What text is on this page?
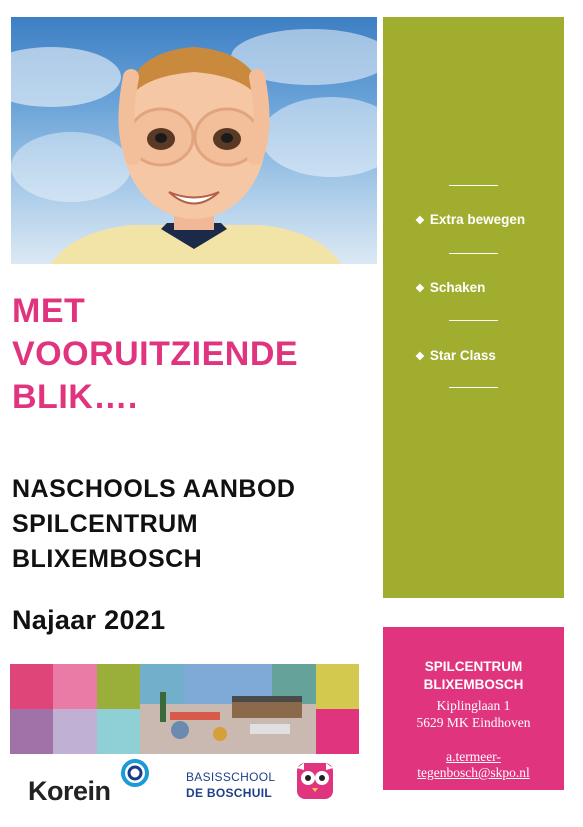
MET
VOORUITZIENDE
BLIK….
NASCHOOLS AANBOD
SPILCENTRUM
BLIXEMBOSCH
Najaar 2021
Korein	BASISSCHOOL
DE BOSCHUIL
❖ Extra bewegen
❖ Schaken
❖ Star Class
SPILCENTRUM
BLIXEMBOSCH
Kiplinglaan 1
5629 MK Eindhoven
a.termeer-
tegenbosch@skpo.nl
